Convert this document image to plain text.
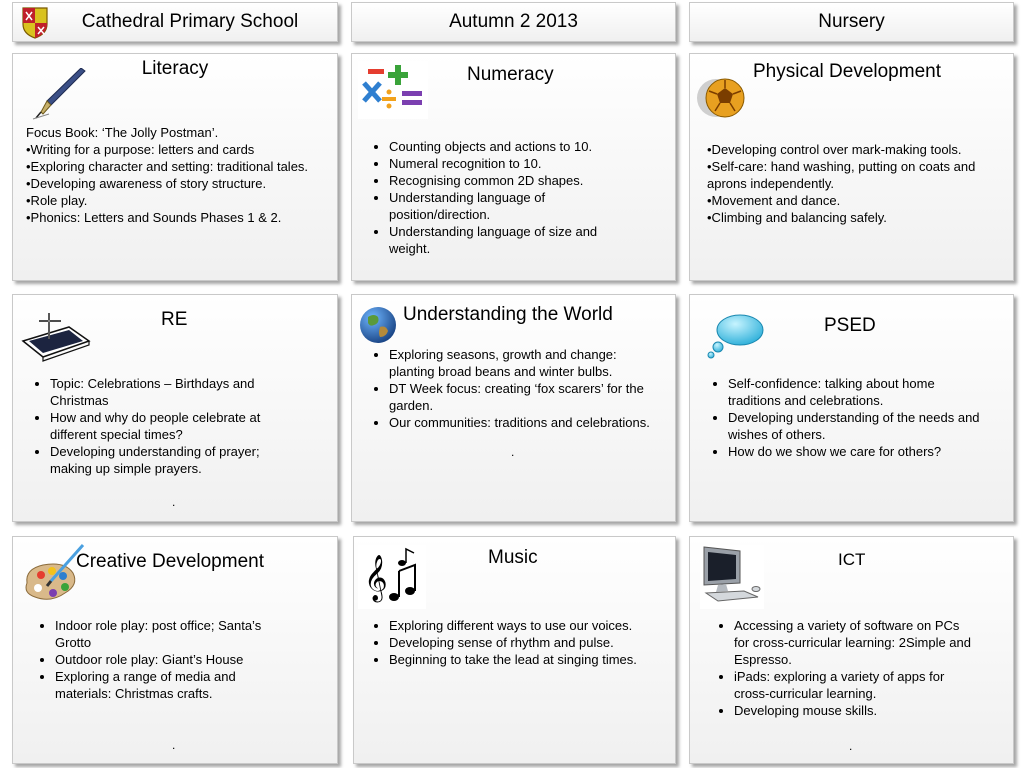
Cathedral Primary School	Autumn 2 2013	Nursery
Literacy
Focus Book: ‘The Jolly Postman’.
•Writing for a purpose: letters and cards
•Exploring character and setting: traditional tales.
•Developing awareness of story structure.
•Role play.
•Phonics: Letters and Sounds Phases 1 & 2.
Numeracy
• Counting objects and actions to 10.
• Numeral recognition to 10.
• Recognising common 2D shapes.
• Understanding language of position/direction.
• Understanding language of size and weight.
Physical Development
•Developing control over mark-making tools.
•Self-care: hand washing, putting on coats and aprons independently.
•Movement and dance.
•Climbing and balancing safely.
RE
• Topic: Celebrations – Birthdays and Christmas
• How and why do people celebrate at different special times?
• Developing understanding of prayer; making up simple prayers.
.
Understanding the World
• Exploring seasons, growth and change: planting broad beans and winter bulbs.
• DT Week focus: creating ‘fox scarers’ for the garden.
• Our communities: traditions and celebrations.
.
PSED
• Self-confidence: talking about home traditions and celebrations.
• Developing understanding of the needs and wishes of others.
• How do we show we care for others?
Creative Development
• Indoor role play: post office; Santa’s Grotto
• Outdoor role play: Giant’s House
• Exploring a range of media and materials: Christmas crafts.
.
𝄞	Music
• Exploring different ways to use our voices.
• Developing sense of rhythm and pulse.
• Beginning to take the lead at singing times.
ICT
• Accessing a variety of software on PCs for cross-curricular learning: 2Simple and Espresso.
• iPads: exploring a variety of apps for cross-curricular learning.
• Developing mouse skills.
.
